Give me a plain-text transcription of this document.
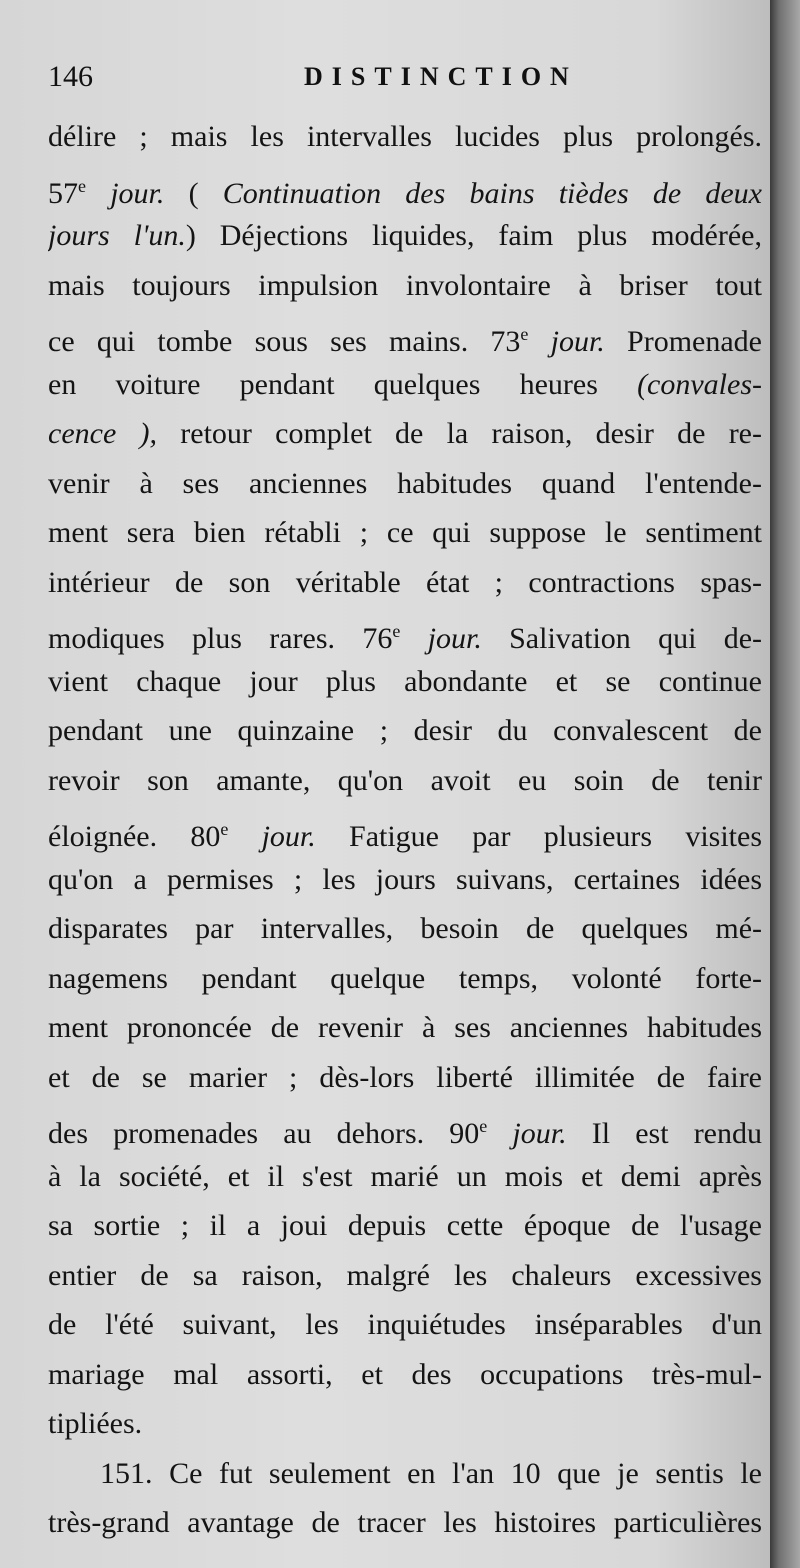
146	DISTINCTION
délire ; mais les intervalles lucides plus prolongés.
57e jour. ( Continuation des bains tièdes de deux
jours l'un.) Déjections liquides, faim plus modérée,
mais toujours impulsion involontaire à briser tout
ce qui tombe sous ses mains. 73e jour. Promenade
en voiture pendant quelques heures (convales-
cence ), retour complet de la raison, desir de re-
venir à ses anciennes habitudes quand l'entende-
ment sera bien rétabli ; ce qui suppose le sentiment
intérieur de son véritable état ; contractions spas-
modiques plus rares. 76e jour. Salivation qui de-
vient chaque jour plus abondante et se continue
pendant une quinzaine ; desir du convalescent de
revoir son amante, qu'on avoit eu soin de tenir
éloignée. 80e jour. Fatigue par plusieurs visites
qu'on a permises ; les jours suivans, certaines idées
disparates par intervalles, besoin de quelques mé-
nagemens pendant quelque temps, volonté forte-
ment prononcée de revenir à ses anciennes habitudes
et de se marier ; dès-lors liberté illimitée de faire
des promenades au dehors. 90e jour. Il est rendu
à la société, et il s'est marié un mois et demi après
sa sortie ; il a joui depuis cette époque de l'usage
entier de sa raison, malgré les chaleurs excessives
de l'été suivant, les inquiétudes inséparables d'un
mariage mal assorti, et des occupations très-mul-
tipliées.
151. Ce fut seulement en l'an 10 que je sentis le
très-grand avantage de tracer les histoires particulières
